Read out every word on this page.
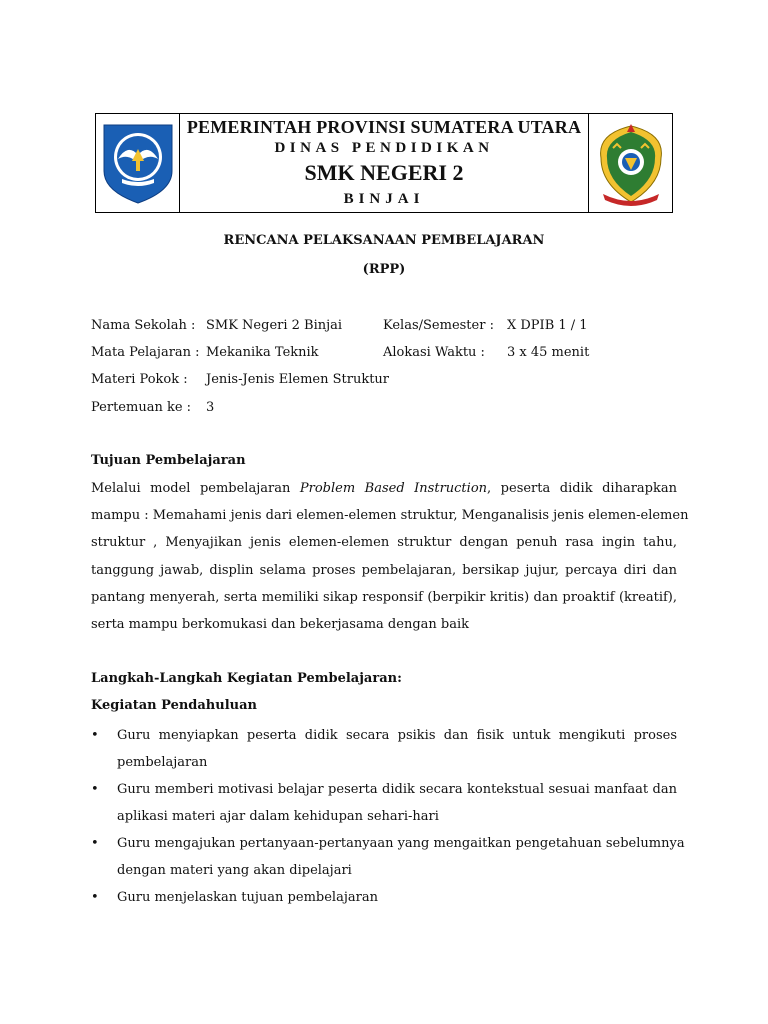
PEMERINTAH PROVINSI SUMATERA UTARA
DINAS PENDIDIKAN
SMK NEGERI 2
BINJAI
RENCANA PELAKSANAAN PEMBELAJARAN
(RPP)
Nama Sekolah : SMK Negeri 2 Binjai	Kelas/Semester : X DPIB 1 / 1
Mata Pelajaran : Mekanika Teknik	Alokasi Waktu : 3 x 45 menit
Materi Pokok : Jenis-Jenis Elemen Struktur
Pertemuan ke : 3
Tujuan Pembelajaran
Melalui model pembelajaran Problem Based Instruction, peserta didik diharapkan
mampu : Memahami jenis dari elemen-elemen struktur, Menganalisis jenis elemen-elemen
struktur , Menyajikan jenis elemen-elemen struktur dengan penuh rasa ingin tahu,
tanggung jawab, displin selama proses pembelajaran, bersikap jujur, percaya diri dan
pantang menyerah, serta memiliki sikap responsif (berpikir kritis) dan proaktif (kreatif),
serta mampu berkomukasi dan bekerjasama dengan baik
Langkah-Langkah Kegiatan Pembelajaran:
Kegiatan Pendahuluan
• Guru menyiapkan peserta didik secara psikis dan fisik untuk mengikuti proses
pembelajaran
• Guru memberi motivasi belajar peserta didik secara kontekstual sesuai manfaat dan
aplikasi materi ajar dalam kehidupan sehari-hari
• Guru mengajukan pertanyaan-pertanyaan yang mengaitkan pengetahuan sebelumnya
dengan materi yang akan dipelajari
• Guru menjelaskan tujuan pembelajaran
